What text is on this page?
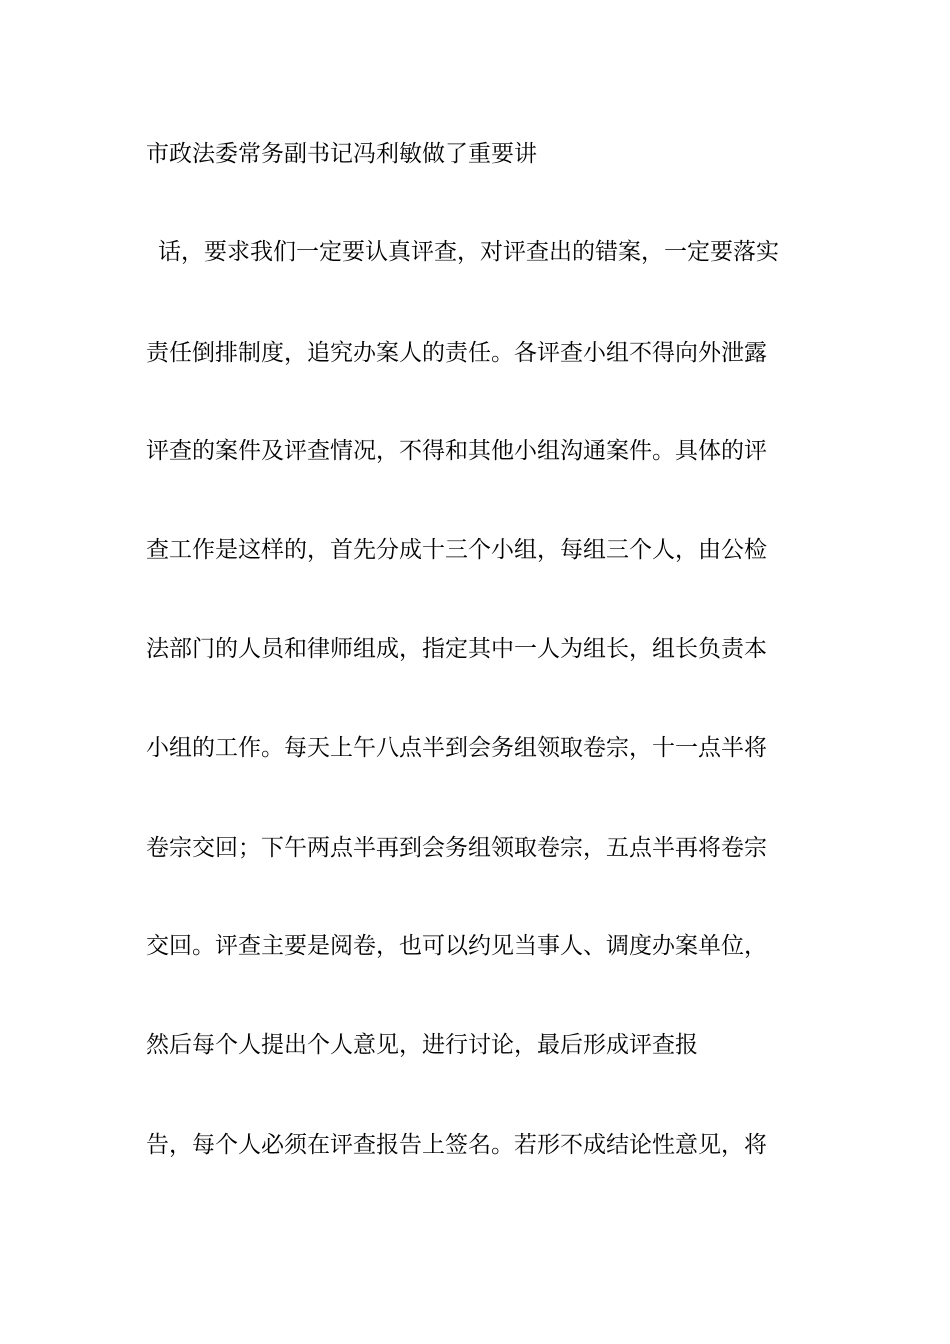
市政法委常务副书记冯利敏做了重要讲
话，要求我们一定要认真评查，对评查出的错案，一定要落实
责任倒排制度，追究办案人的责任。各评查小组不得向外泄露
评查的案件及评查情况，不得和其他小组沟通案件。具体的评
查工作是这样的，首先分成十三个小组，每组三个人，由公检
法部门的人员和律师组成，指定其中一人为组长，组长负责本
小组的工作。每天上午八点半到会务组领取卷宗，十一点半将
卷宗交回；下午两点半再到会务组领取卷宗，五点半再将卷宗
交回。评查主要是阅卷，也可以约见当事人、调度办案单位，
然后每个人提出个人意见，进行讨论，最后形成评查报
告，每个人必须在评查报告上签名。若形不成结论性意见，将
